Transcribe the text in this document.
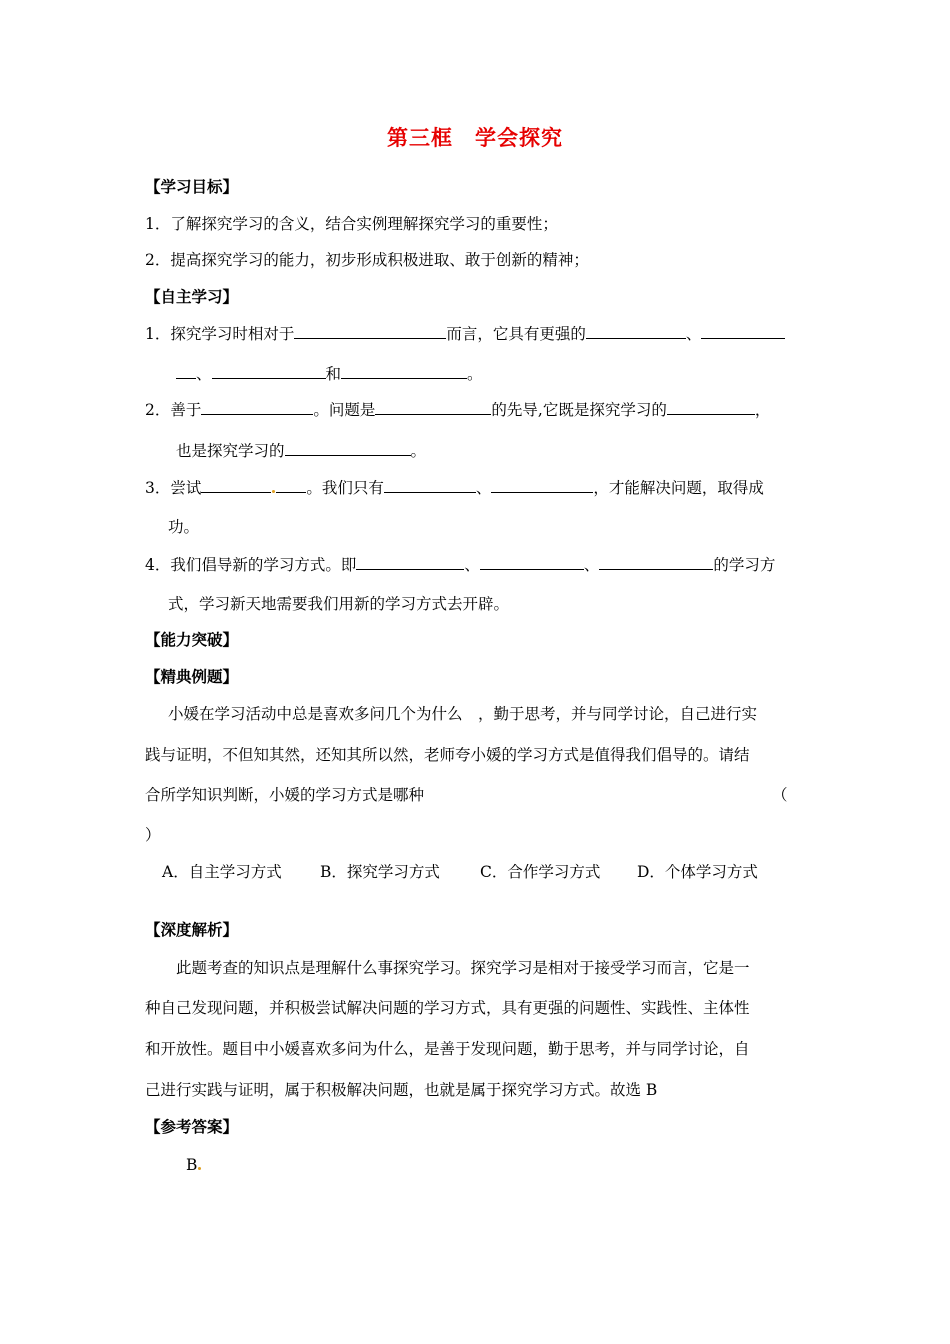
第三框　学会探究
【学习目标】
1．了解探究学习的含义，结合实例理解探究学习的重要性；
2．提高探究学习的能力，初步形成积极进取、敢于创新的精神；
【自主学习】
1．探究学习时相对于	而言，它具有更强的	、
、	和	。
2．善于	。问题是	的先导,它既是探究学习的	，
也是探究学习的	。
3．尝试	。我们只有	、	，才能解决问题，取得成
功。
4．我们倡导新的学习方式。即	、	、	的学习方
式，学习新天地需要我们用新的学习方式去开辟。
【能力突破】
【精典例题】
小媛在学习活动中总是喜欢多问几个为什么　，勤于思考，并与同学讨论，自己进行实
践与证明，不但知其然，还知其所以然，老师夸小媛的学习方式是值得我们倡导的。请结
合所学知识判断，小媛的学习方式是哪种	（
）
A．自主学习方式 B．探究学习方式	C．合作学习方式 D．个体学习方式
【深度解析】
此题考查的知识点是理解什么事探究学习。探究学习是相对于接受学习而言，它是一
种自己发现问题，并积极尝试解决问题的学习方式，具有更强的问题性、实践性、主体性
和开放性。题目中小媛喜欢多问为什么，是善于发现问题，勤于思考，并与同学讨论，自
己进行实践与证明，属于积极解决问题，也就是属于探究学习方式。故选 B
【参考答案】
B
